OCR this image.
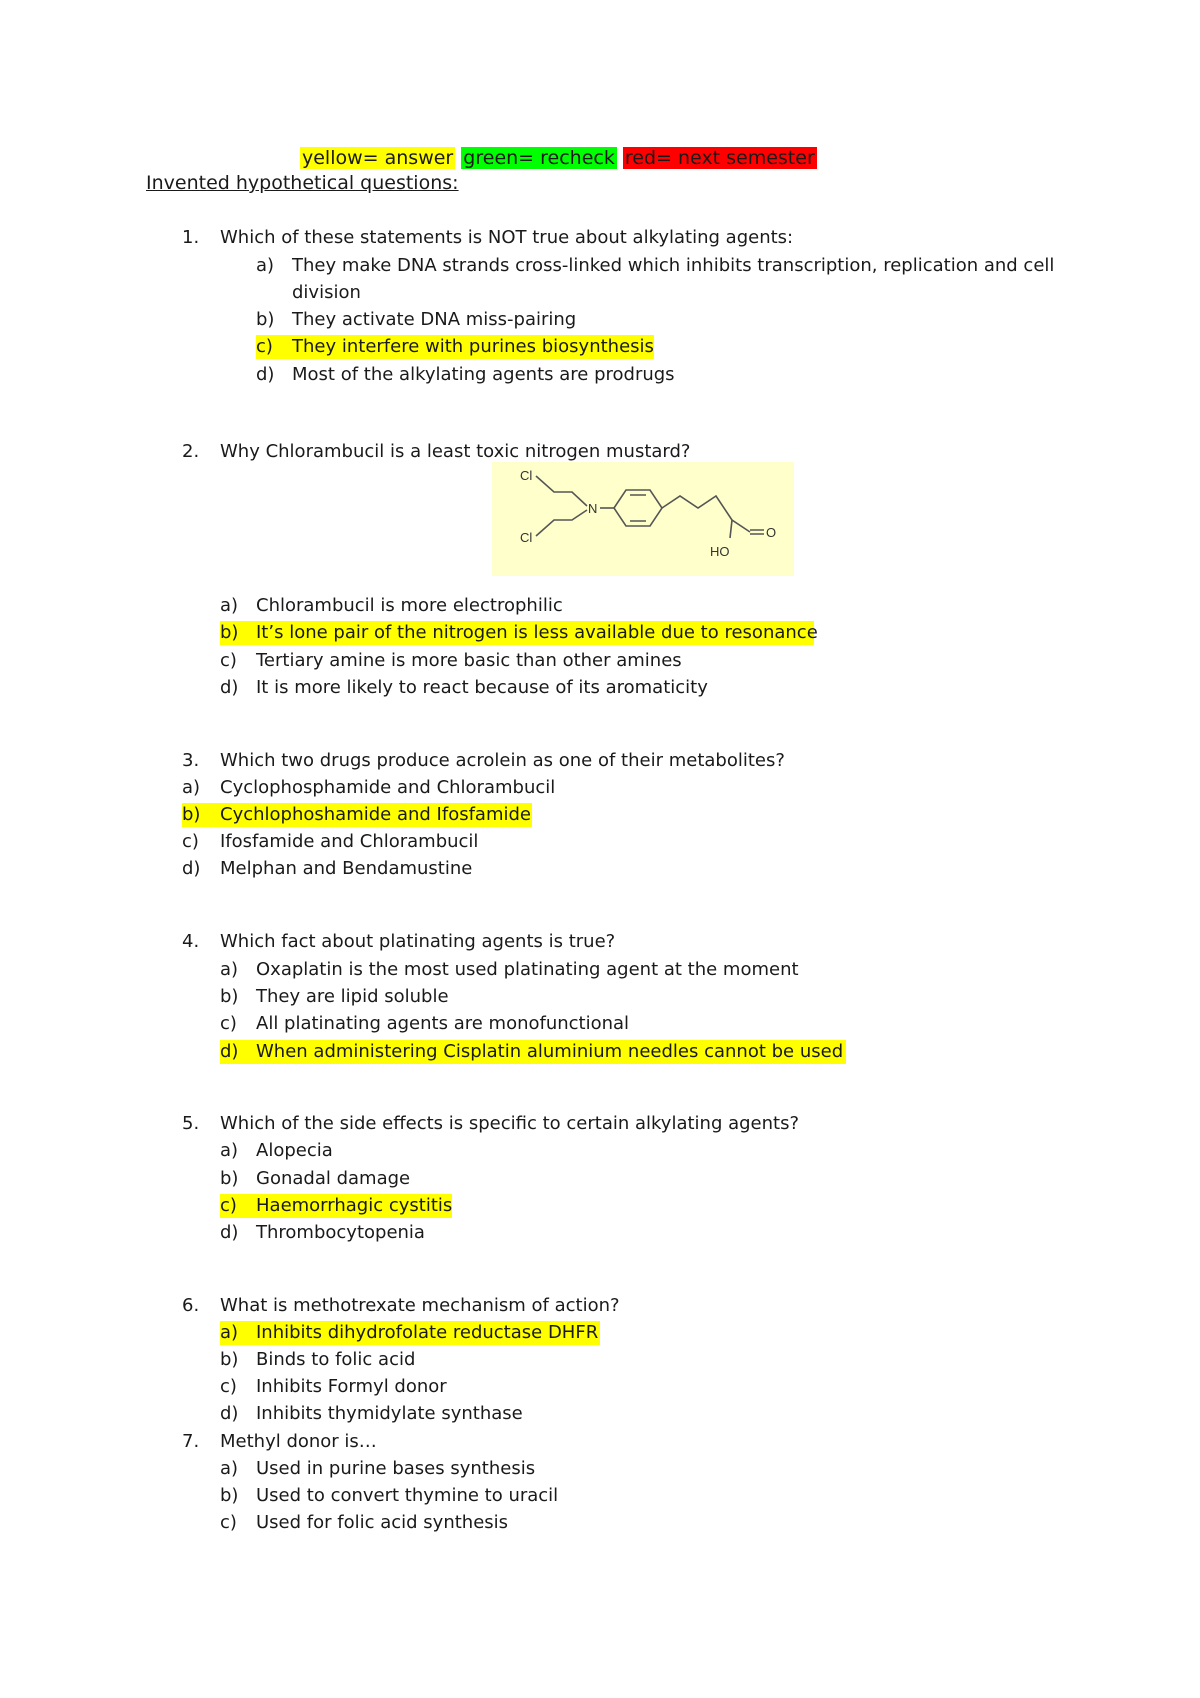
yellow= answer green= recheck red= next semester
Invented hypothetical questions:
1. Which of these statements is NOT true about alkylating agents:
a) They make DNA strands cross-linked which inhibits transcription, replication and cell
division
b) They activate DNA miss-pairing
c) They interfere with purines biosynthesis
d) Most of the alkylating agents are prodrugs
2. Why Chlorambucil is a least toxic nitrogen mustard?
Cl
Cl
N
HO
O
a) Chlorambucil is more electrophilic
b) It’s lone pair of the nitrogen is less available due to resonance
c) Tertiary amine is more basic than other amines
d) It is more likely to react because of its aromaticity
3. Which two drugs produce acrolein as one of their metabolites?
a) Cyclophosphamide and Chlorambucil
b) Cychlophoshamide and Ifosfamide
c) Ifosfamide and Chlorambucil
d) Melphan and Bendamustine
4. Which fact about platinating agents is true?
a) Oxaplatin is the most used platinating agent at the moment
b) They are lipid soluble
c) All platinating agents are monofunctional
d) When administering Cisplatin aluminium needles cannot be used
5. Which of the side effects is specific to certain alkylating agents?
a) Alopecia
b) Gonadal damage
c) Haemorrhagic cystitis
d) Thrombocytopenia
6. What is methotrexate mechanism of action?
a) Inhibits dihydrofolate reductase DHFR
b) Binds to folic acid
c) Inhibits Formyl donor
d) Inhibits thymidylate synthase
7. Methyl donor is…
a) Used in purine bases synthesis
b) Used to convert thymine to uracil
c) Used for folic acid synthesis
